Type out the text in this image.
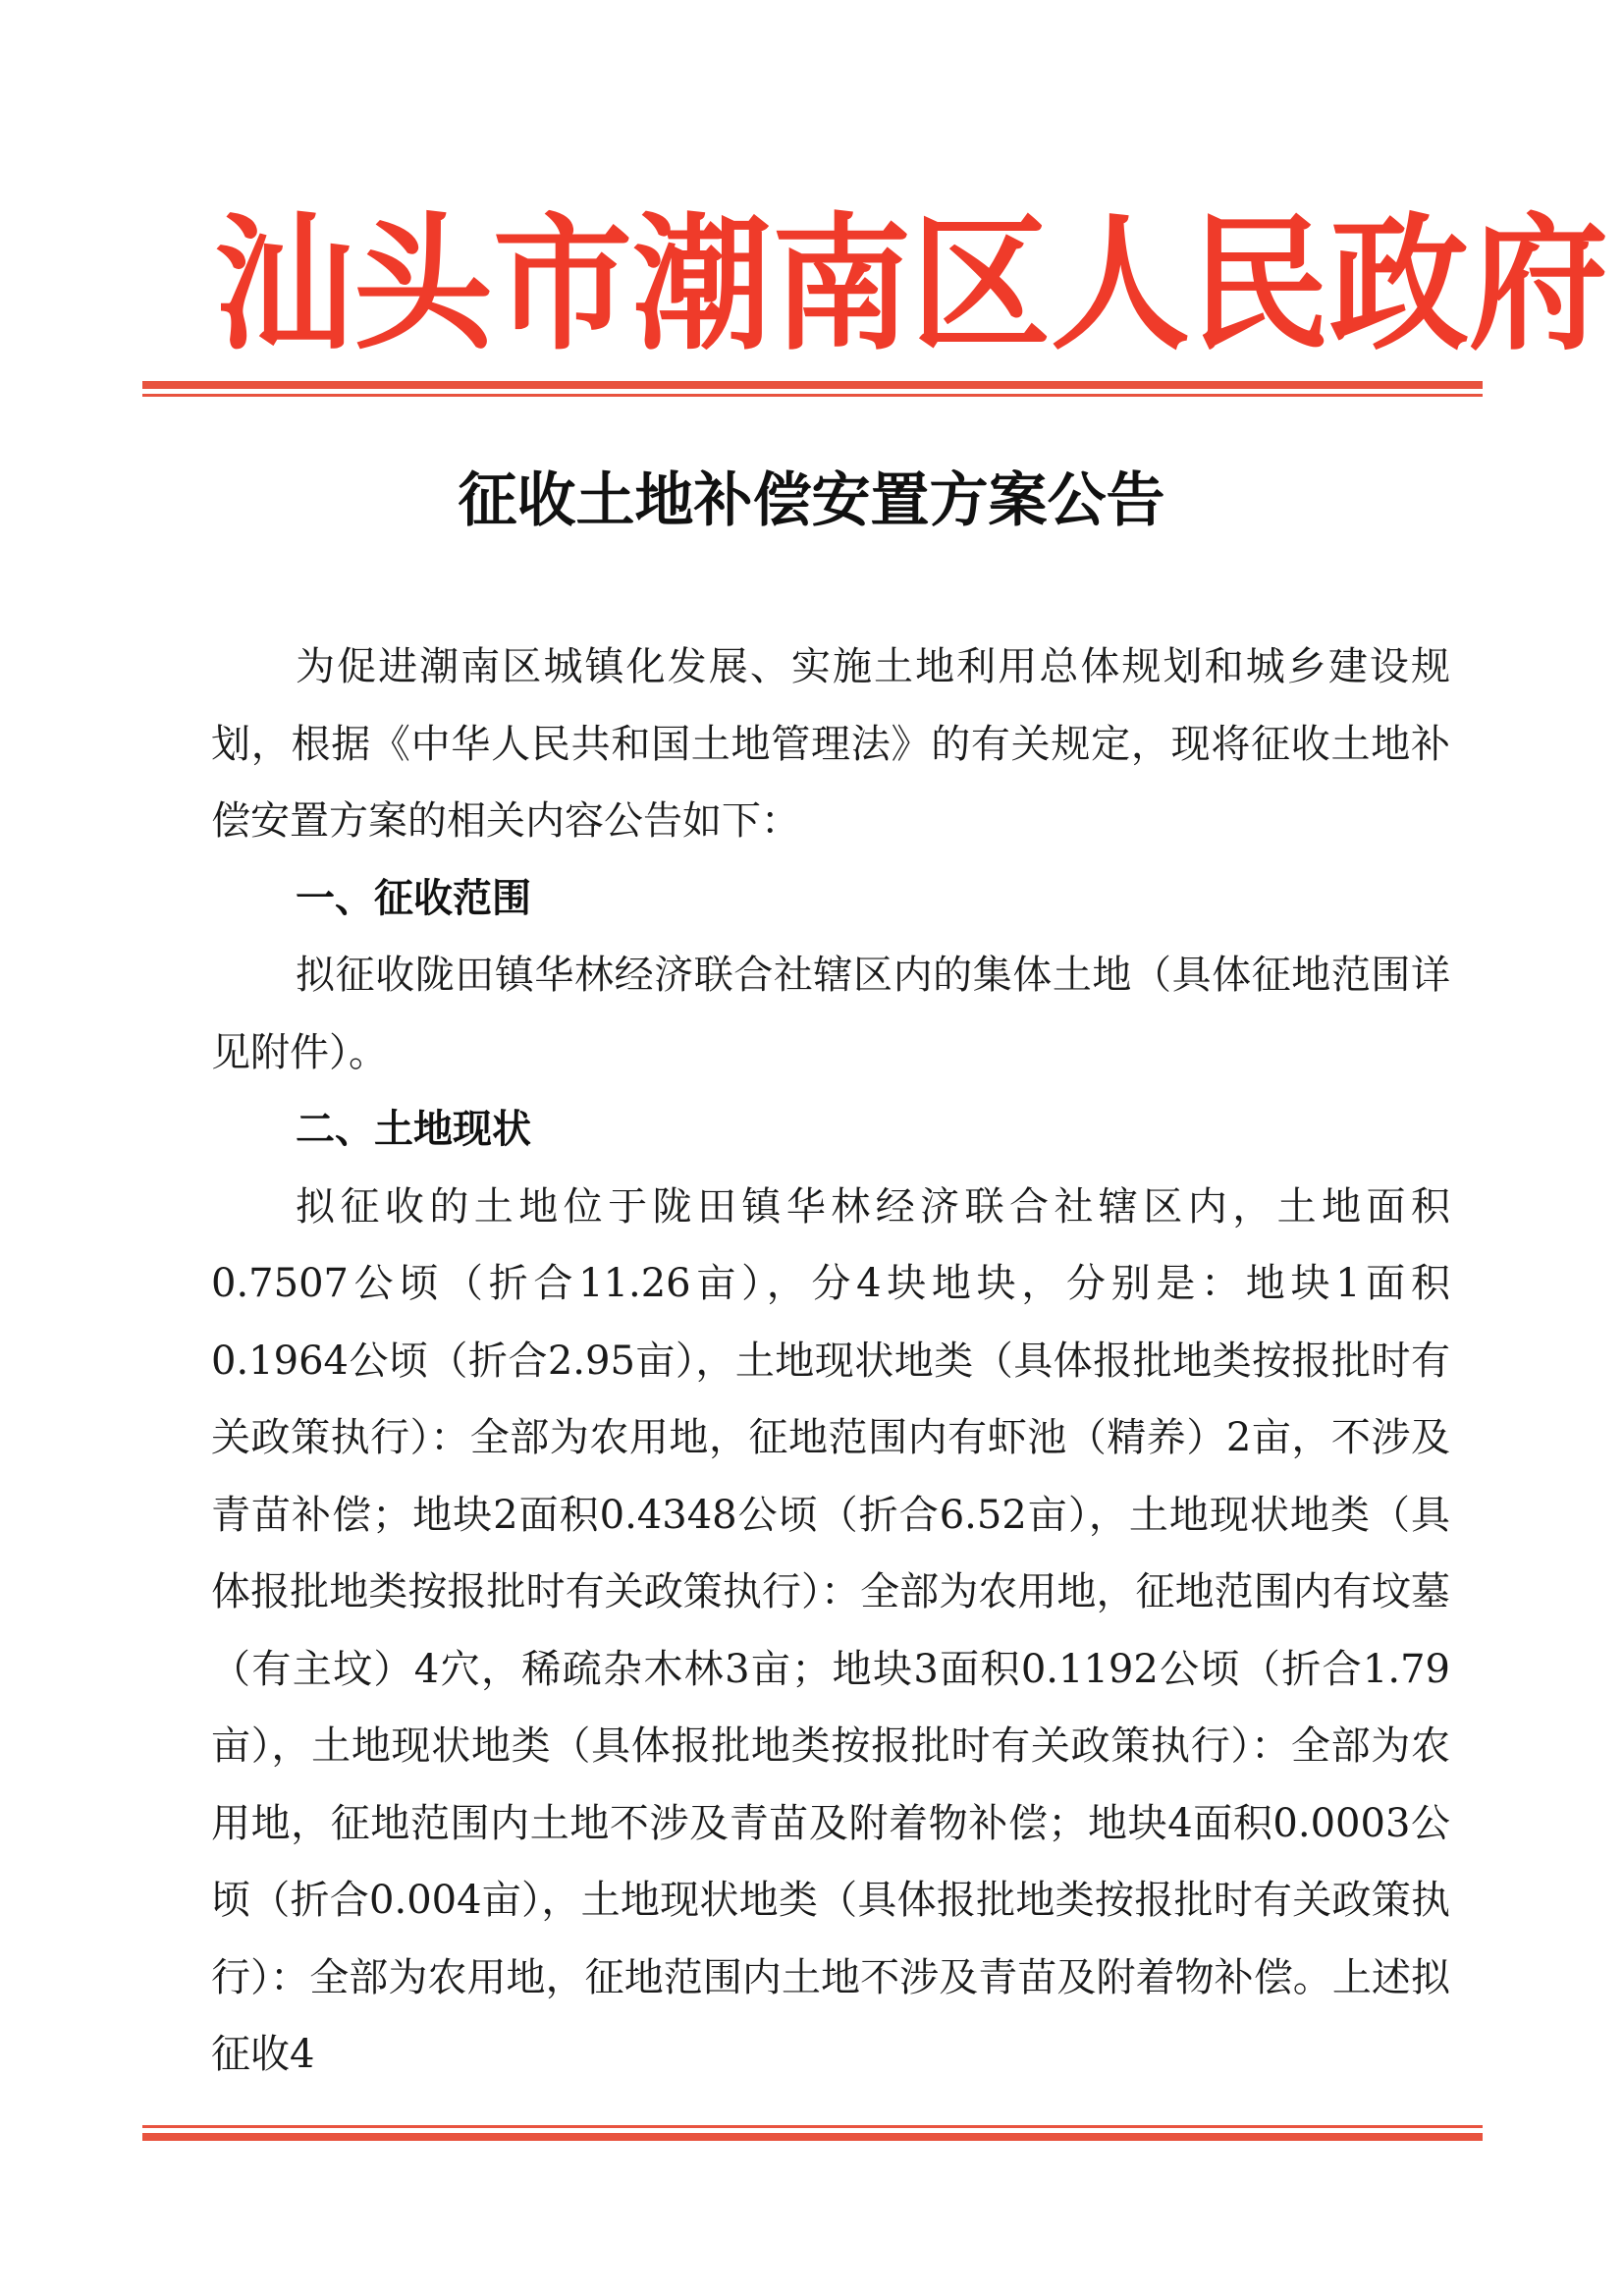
汕 头 市 潮 南 区 人 民 政 府
征收土地补偿安置方案公告

为促进潮南区城镇化发展、实施土地利用总体规划和城乡建设规划，根据《中华人民共和国土地管理法》的有关规定，现将征收土地补偿安置方案的相关内容公告如下：

一、征收范围

拟征收陇田镇华林经济联合社辖区内的集体土地（具体征地范围详见附件）。

二、土地现状

拟征收的土地位于陇田镇华林经济联合社辖区内，土地面积0.7507公顷（折合11.26亩），分4块地块，分别是：地块1面积0.1964公顷（折合2.95亩），土地现状地类（具体报批地类按报批时有关政策执行）：全部为农用地，征地范围内有虾池（精养）2亩，不涉及青苗补偿；地块2面积0.4348公顷（折合6.52亩），土地现状地类（具体报批地类按报批时有关政策执行）：全部为农用地，征地范围内有坟墓（有主坟）4穴，稀疏杂木林3亩；地块3面积0.1192公顷（折合1.79亩），土地现状地类（具体报批地类按报批时有关政策执行）：全部为农用地，征地范围内土地不涉及青苗及附着物补偿；地块4面积0.0003公顷（折合0.004亩），土地现状地类（具体报批地类按报批时有关政策执行）：全部为农用地，征地范围内土地不涉及青苗及附着物补偿。上述拟征收4
